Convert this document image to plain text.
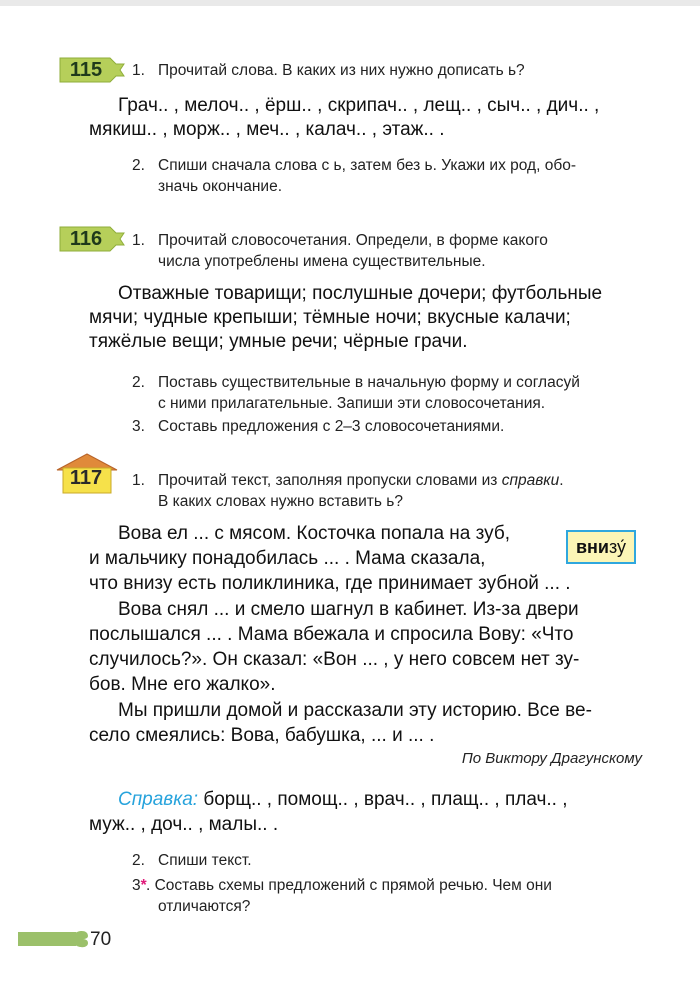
115	1. Прочитай слова. В каких из них нужно дописать ь?

Грач.. , мелоч.. , ёрш.. , скрипач.. , лещ.. , сыч.. , дич.. ,

мякиш.. , морж.. , меч.. , калач.. , этаж.. .

2. Спиши сначала слова с ь, затем без ь. Укажи их род, обо-
значь окончание.
116	1. Прочитай словосочетания. Определи, в форме какого
числа употреблены имена существительные.

Отважные товарищи; послушные дочери; футбольные

мячи; чудные крепыши; тёмные ночи; вкусные калачи;

тяжёлые вещи; умные речи; чёрные грачи.

2. Поставь существительные в начальную форму и согласуй
с ними прилагательные. Запиши эти словосочетания.
3. Составь предложения с 2–3 словосочетаниями.
117	1. Прочитай текст, заполняя пропуски словами из справки.
В каких словах нужно вставить ь?
внизу́

Вова ел ... с мясом. Косточка попала на зуб,

и мальчику понадобилась ... . Мама сказала,

что внизу есть поликлиника, где принимает зубной ... .

Вова снял ... и смело шагнул в кабинет. Из-за двери

послышался ... . Мама вбежала и спросила Вову: «Что

случилось?». Он сказал: «Вон ... , у него совсем нет зу-

бов. Мне его жалко».

Мы пришли домой и рассказали эту историю. Все ве-

село смеялись: Вова, бабушка, ... и ... .

По Виктору Драгунскому

Справка: борщ.. , помощ.. , врач.. , плащ.. , плач.. ,

муж.. , доч.. , малы.. .

2. Спиши текст.
3* . Составь схемы предложений с прямой речью. Чем они
отличаются?
70
